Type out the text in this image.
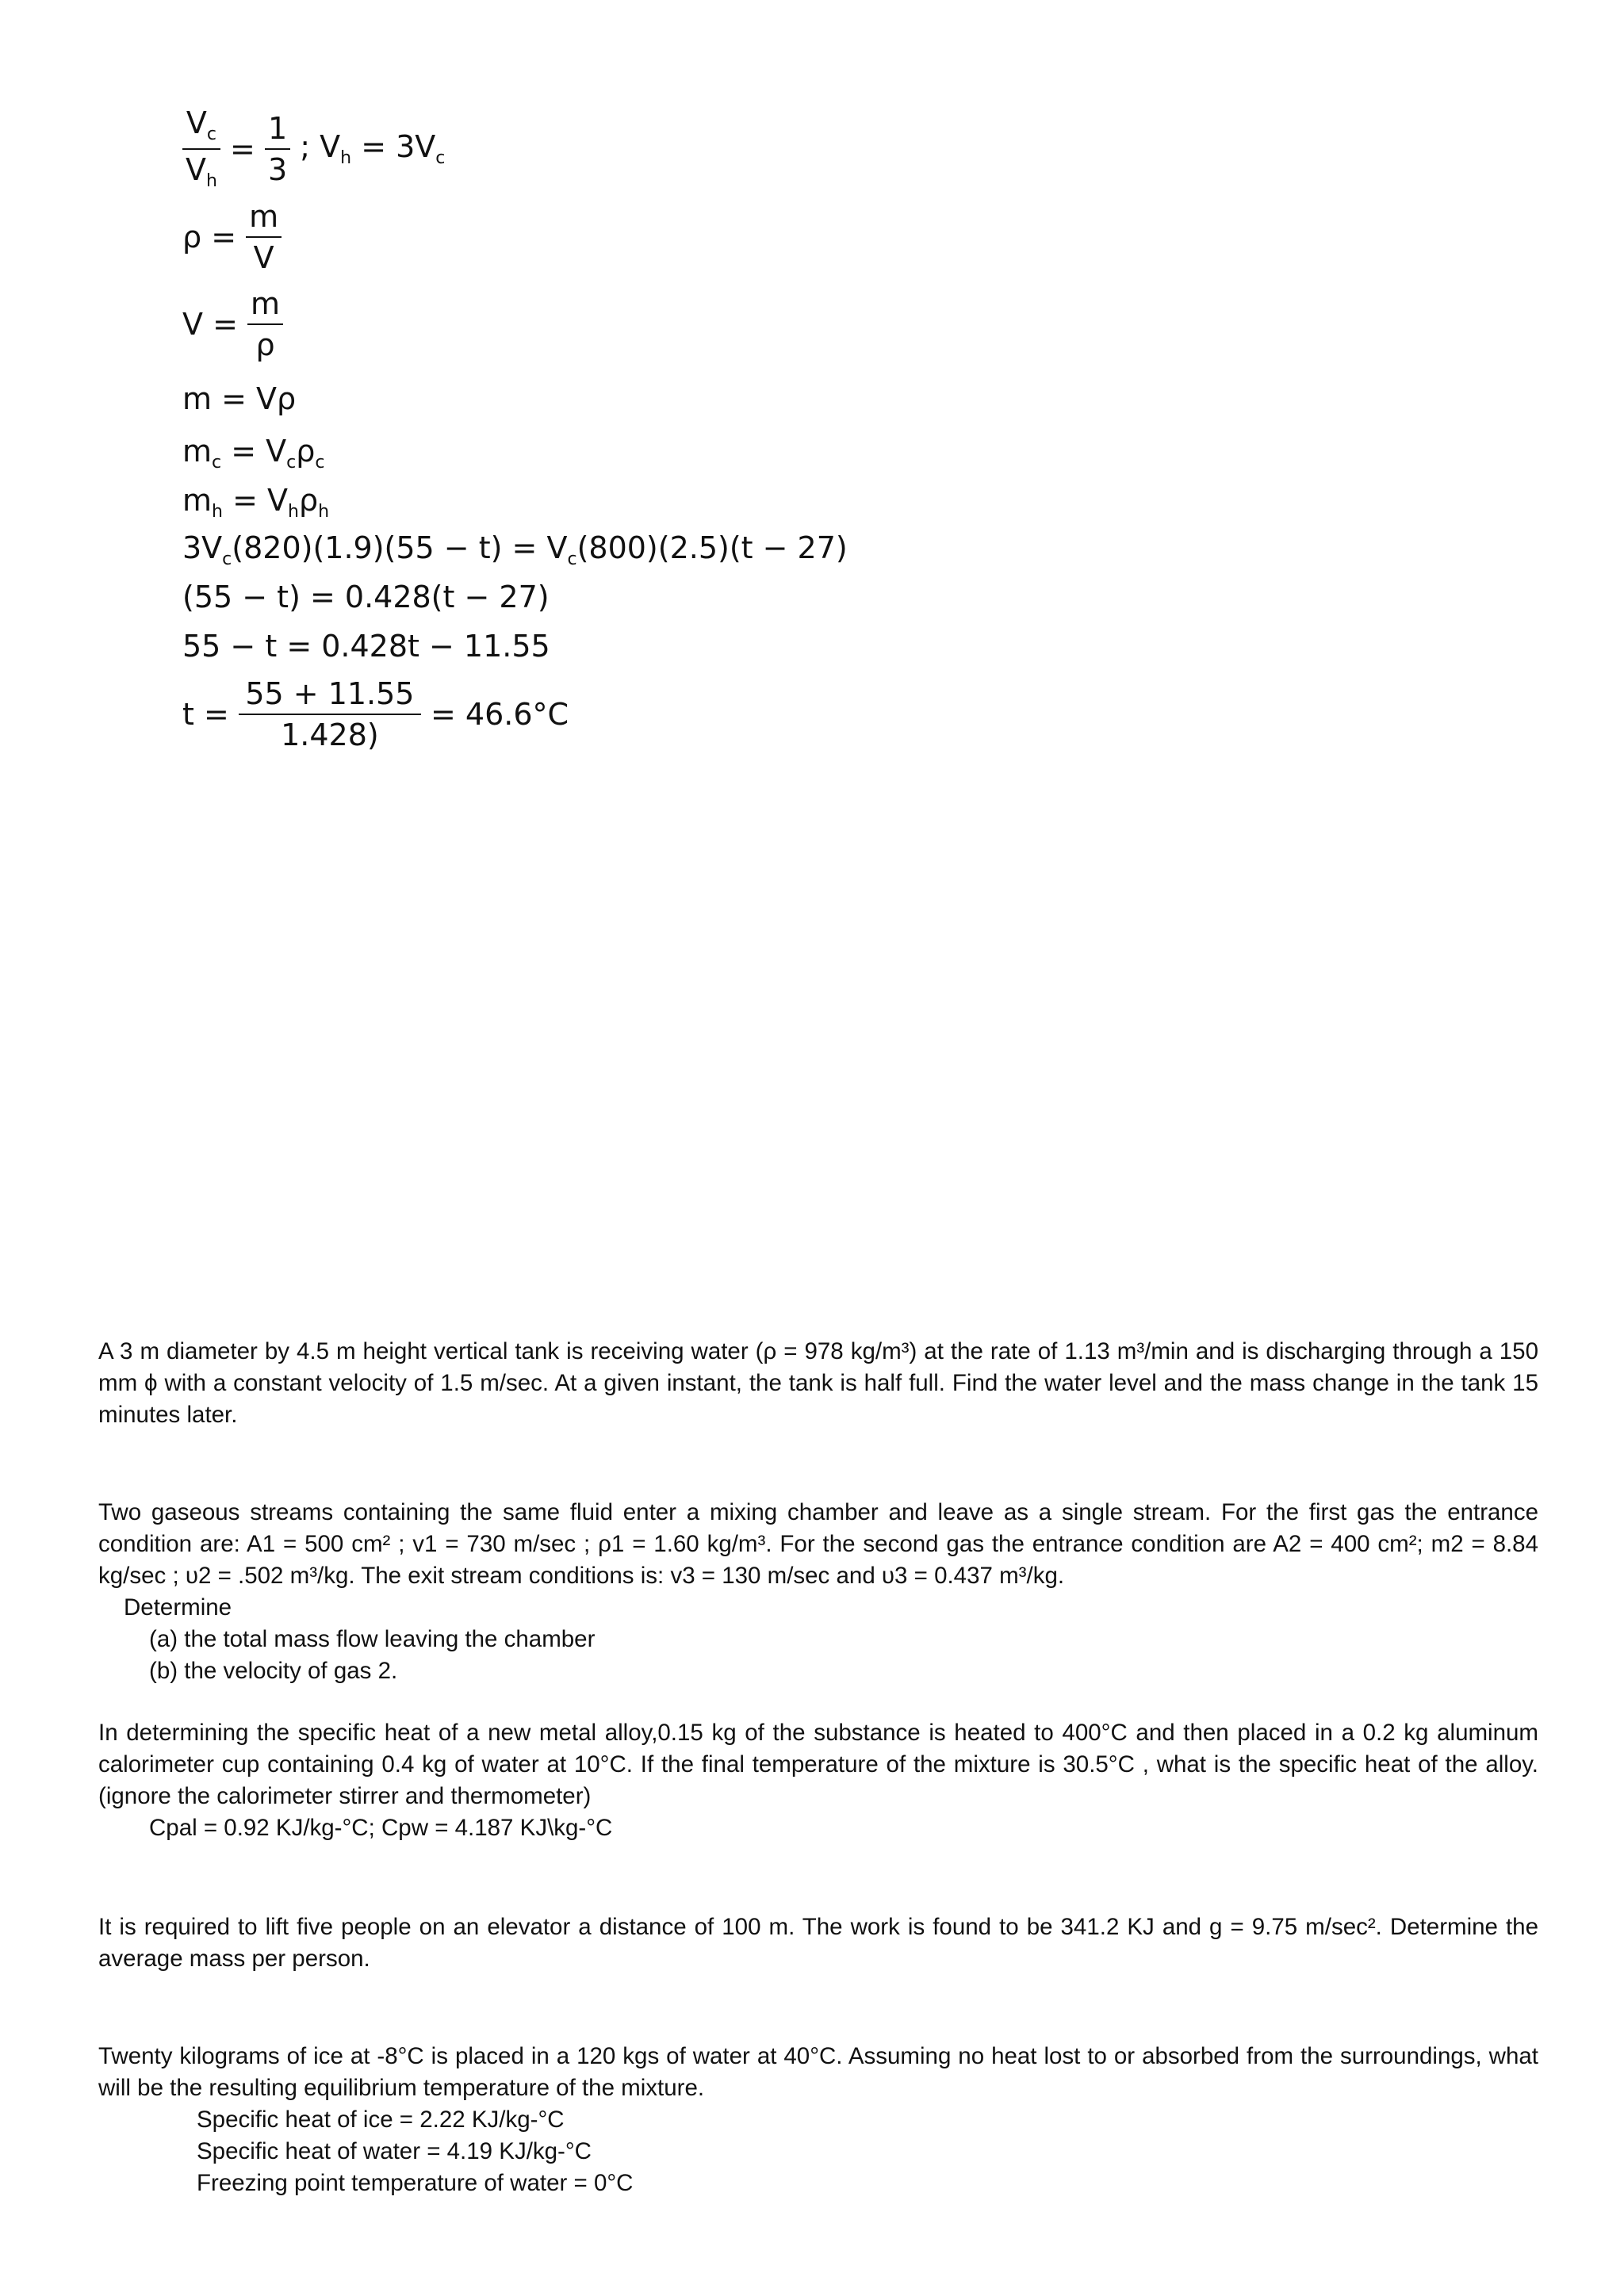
$\frac{V_c}{V_h} = \frac{1}{3}$ ; $V_h = 3V_c$
$\rho = \frac{m}{V}$
$V = \frac{m}{\rho}$
m = Vρ
$m_c = V_c\rho_c$
$m_h = V_h\rho_h$
$3V_c(820)(1.9)(55 - t) = V_c(800)(2.5)(t - 27)$
(55 − t) = 0.428(t − 27)
55 − t = 0.428t − 11.55
$t = \frac{55 + 11.55}{1.428)} = 46.6^\circ C$
A 3 m diameter by 4.5 m height vertical tank is receiving water (ρ = 978 kg/m³) at the rate of 1.13 m³/min and is discharging through a 150 mm ϕ with a constant velocity of 1.5 m/sec. At a given instant, the tank is half full. Find the water level and the mass change in the tank 15 minutes later.
Two gaseous streams containing the same fluid enter a mixing chamber and leave as a single stream. For the first gas the entrance condition are: A1 = 500 cm² ; v1 = 730 m/sec ; ρ1 = 1.60 kg/m³. For the second gas the entrance condition are A2 = 400 cm²; m2 = 8.84 kg/sec ; υ2 = .502 m³/kg. The exit stream conditions is: v3 = 130 m/sec and υ3 = 0.437 m³/kg.
Determine
(a) the total mass flow leaving the chamber
(b) the velocity of gas 2.
In determining the specific heat of a new metal alloy,0.15 kg of the substance is heated to 400°C and then placed in a 0.2 kg aluminum calorimeter cup containing 0.4 kg of water at 10°C. If the final temperature of the mixture is 30.5°C , what is the specific heat of the alloy. (ignore the calorimeter stirrer and thermometer)
Cpal = 0.92 KJ/kg-°C; Cpw = 4.187 KJ\kg-°C
It is required to lift five people on an elevator a distance of 100 m. The work is found to be 341.2 KJ and g = 9.75 m/sec². Determine the average mass per person.
Twenty kilograms of ice at -8°C is placed in a 120 kgs of water at 40°C. Assuming no heat lost to or absorbed from the surroundings, what will be the resulting equilibrium temperature of the mixture.
Specific heat of ice = 2.22 KJ/kg-°C
Specific heat of water = 4.19 KJ/kg-°C
Freezing point temperature of water = 0°C
